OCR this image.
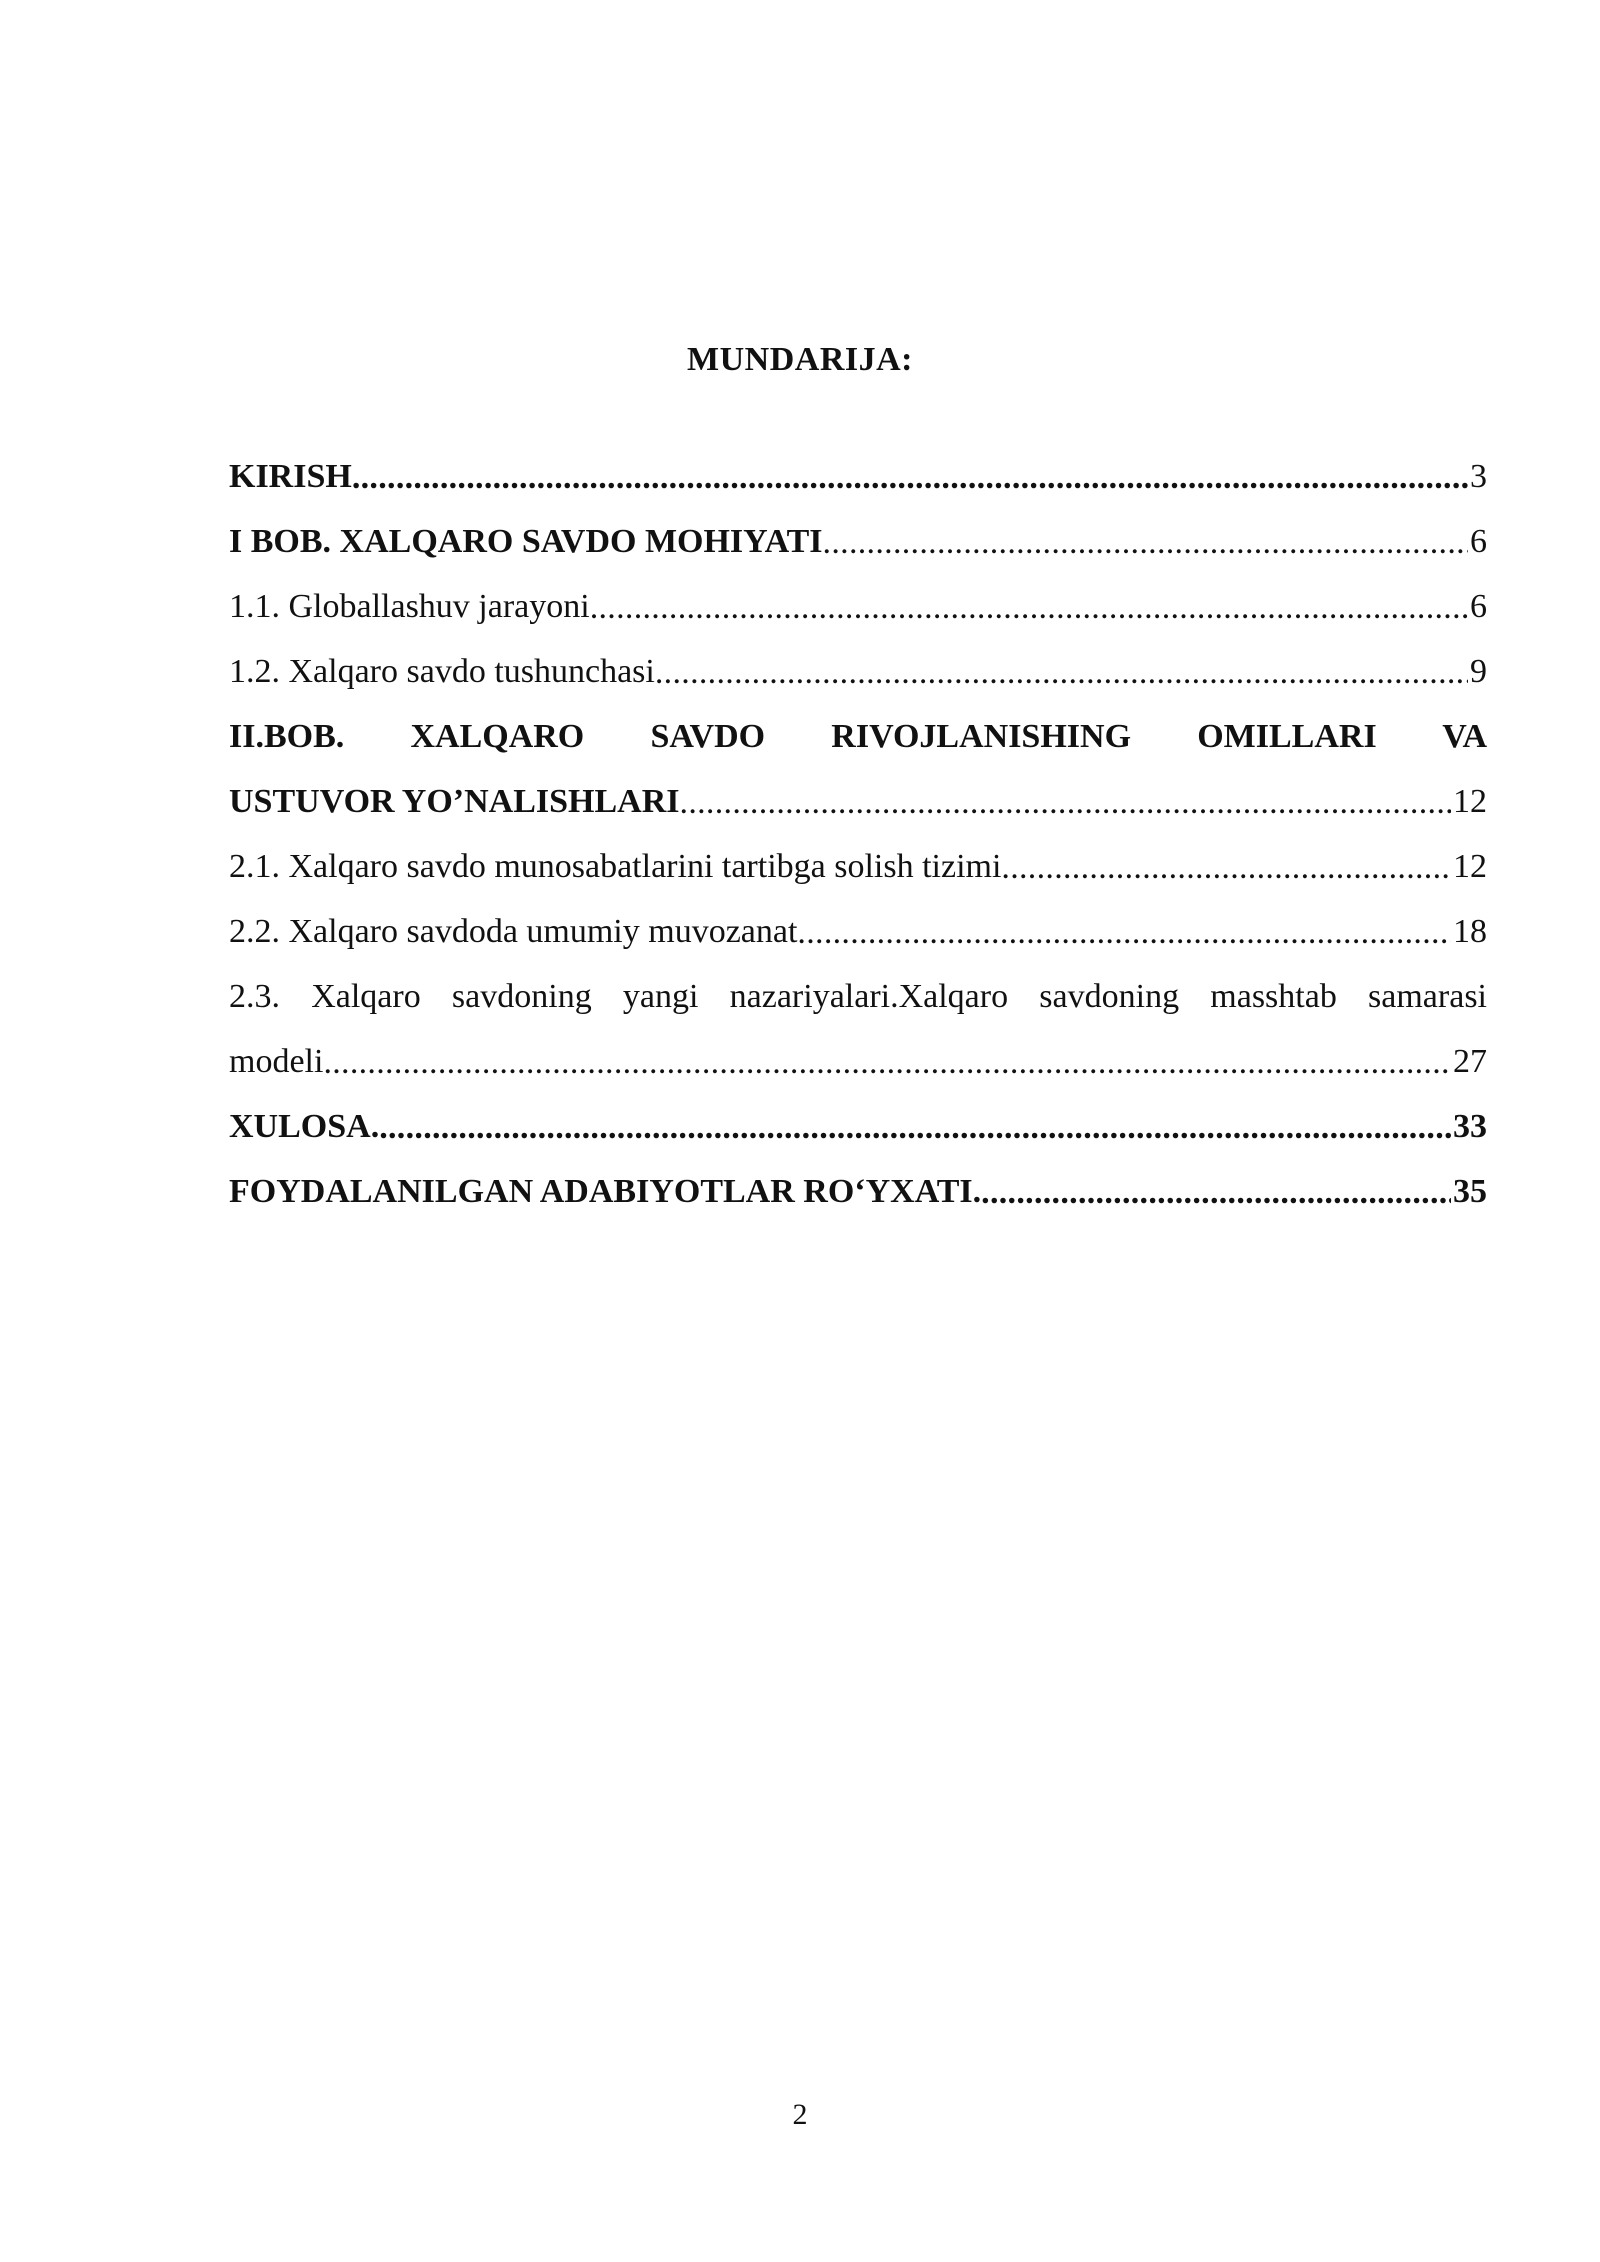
MUNDARIJA:
KIRISH .....	3
I BOB. XALQARO SAVDO MOHIYATI .....	6
1.1. Globallashuv jarayoni .....	6
1.2. Xalqaro savdo tushunchasi .....	9
II.BOB. XALQARO SAVDO RIVOJLANISHING OMILLARI VA
USTUVOR YO’NALISHLARI .....	12
2.1. Xalqaro savdo munosabatlarini tartibga solish tizimi .....	12
2.2. Xalqaro savdoda umumiy muvozanat .....	18
2.3. Xalqaro savdoning yangi nazariyalari.Xalqaro savdoning masshtab samarasi
modeli .....	27
XULOSA. .....	33
FOYDALANILGAN ADABIYOTLAR RO‘YXATI. .....	35
2
